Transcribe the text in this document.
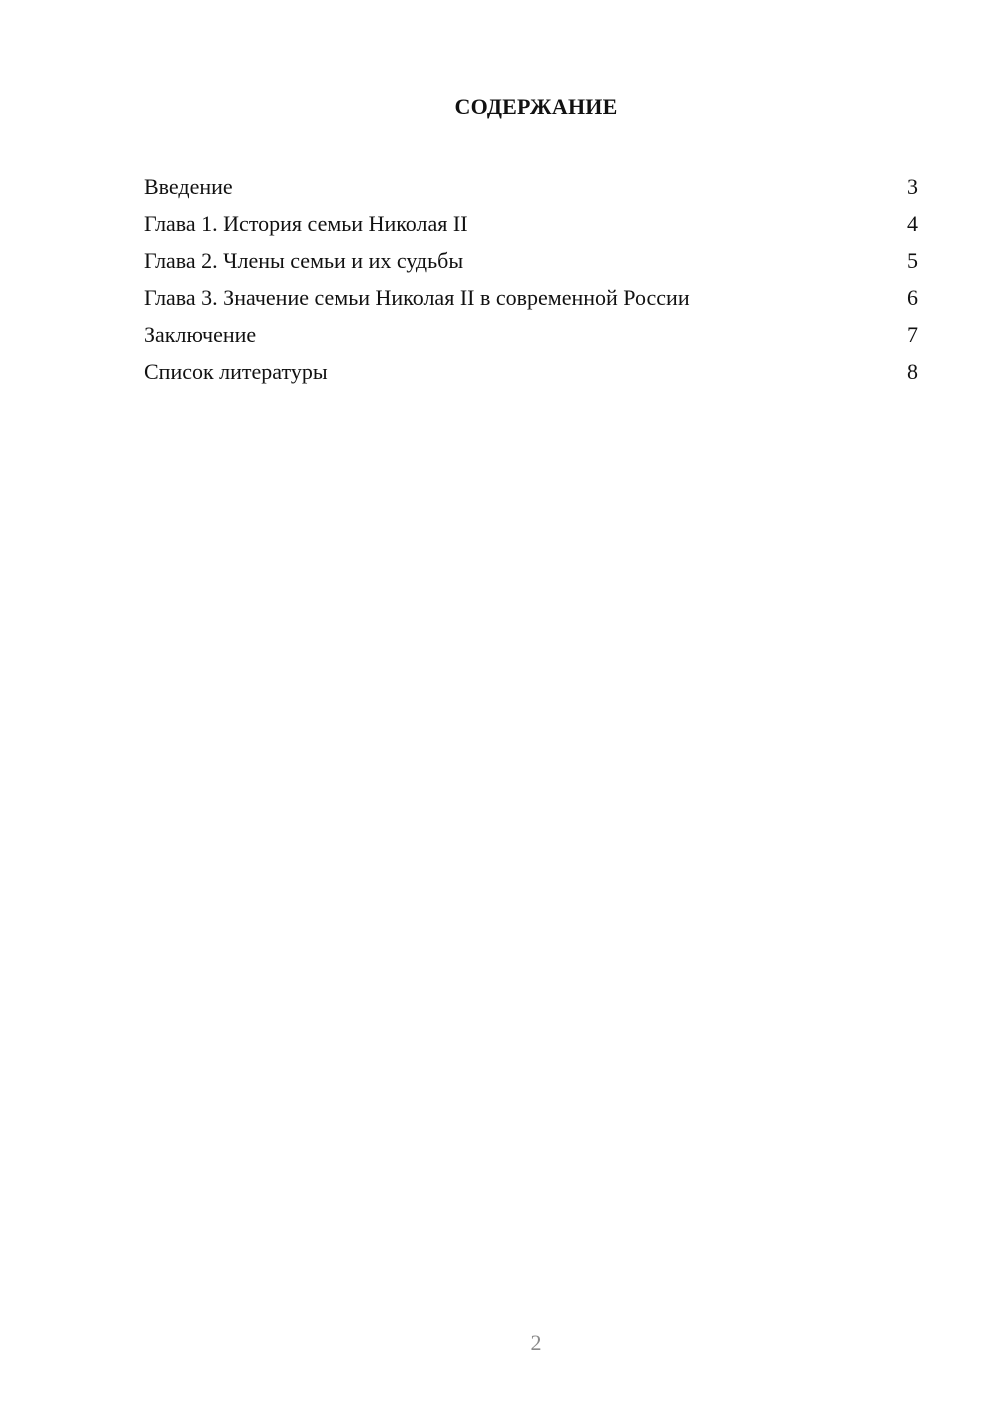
СОДЕРЖАНИЕ
Введение	3
Глава 1. История семьи Николая II	4
Глава 2. Члены семьи и их судьбы	5
Глава 3. Значение семьи Николая II в современной России	6
Заключение	7
Список литературы	8
2
